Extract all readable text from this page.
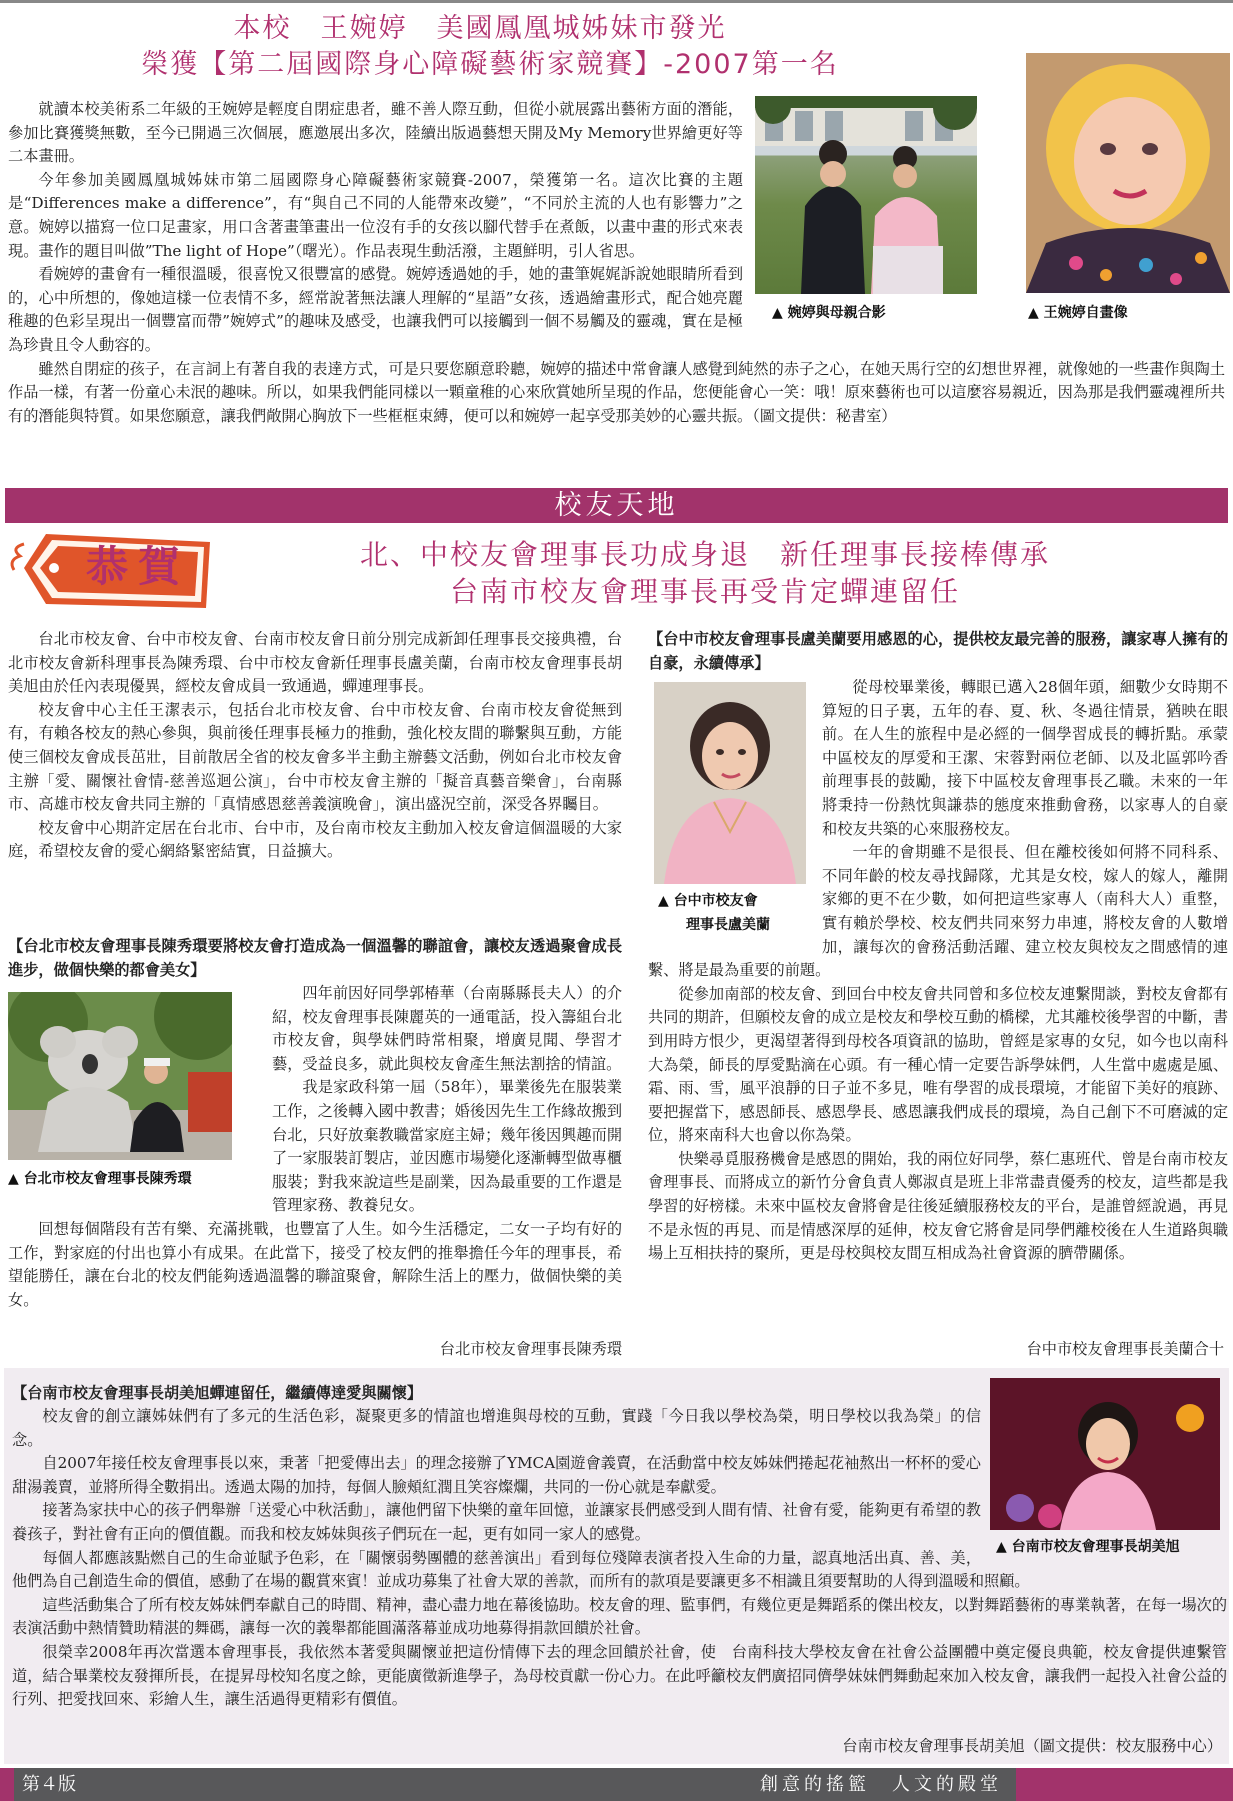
本校　王婉婷　美國鳳凰城姊妹市發光
榮獲【第二屆國際身心障礙藝術家競賽】-2007第一名
▲ 婉婷與母親合影	▲ 王婉婷自畫像

就讀本校美術系二年級的王婉婷是輕度自閉症患者，雖不善人際互動，但從小就展露出藝術方面的潛能，參加比賽獲獎無數，至今已開過三次個展，應邀展出多次，陸續出版過藝想天開及My Memory世界繪更好等二本畫冊。

今年參加美國鳳凰城姊妹市第二屆國際身心障礙藝術家競賽-2007，榮獲第一名。這次比賽的主題是“Differences make a difference”，有“與自己不同的人能帶來改變”，“不同於主流的人也有影響力”之意。婉婷以描寫一位口足畫家，用口含著畫筆畫出一位沒有手的女孩以腳代替手在煮飯，以畫中畫的形式來表現。畫作的題目叫做”The light of Hope”（曙光）。作品表現生動活潑，主題鮮明，引人省思。

看婉婷的畫會有一種很溫暖，很喜悅又很豐富的感覺。婉婷透過她的手，她的畫筆娓娓訴說她眼睛所看到的，心中所想的，像她這樣一位表情不多，經常說著無法讓人理解的“星語”女孩，透過繪畫形式，配合她亮麗稚趣的色彩呈現出一個豐富而帶”婉婷式”的趣味及感受，也讓我們可以接觸到一個不易觸及的靈魂，實在是極為珍貴且令人動容的。

雖然自閉症的孩子，在言詞上有著自我的表達方式，可是只要您願意聆聽，婉婷的描述中常會讓人感覺到純然的赤子之心，在她天馬行空的幻想世界裡，就像她的一些畫作與陶土作品一樣，有著一份童心未泯的趣味。所以，如果我們能同樣以一顆童稚的心來欣賞她所呈現的作品，您便能會心一笑：哦！原來藝術也可以這麼容易親近，因為那是我們靈魂裡所共有的潛能與特質。如果您願意，讓我們敞開心胸放下一些框框束縛，便可以和婉婷一起享受那美妙的心靈共振。（圖文提供：秘書室）

校友天地
恭賀	北、中校友會理事長功成身退　新任理事長接棒傳承
台南市校友會理事長再受肯定蟬連留任

台北市校友會、台中市校友會、台南市校友會日前分別完成新卸任理事長交接典禮，台北市校友會新科理事長為陳秀環、台中市校友會新任理事長盧美蘭，台南市校友會理事長胡美旭由於任內表現優異，經校友會成員一致通過，蟬連理事長。

校友會中心主任王潔表示，包括台北市校友會、台中市校友會、台南市校友會從無到有，有賴各校友的熱心參與，與前後任理事長極力的推動，強化校友間的聯繫與互動，方能使三個校友會成長茁壯，目前散居全省的校友會多半主動主辦藝文活動，例如台北市校友會主辦「愛、關懷社會情-慈善巡迴公演」，台中市校友會主辦的「擬音真藝音樂會」，台南縣市、高雄市校友會共同主辦的「真情感恩慈善義演晚會」，演出盛況空前，深受各界矚目。

校友會中心期許定居在台北市、台中市，及台南市校友主動加入校友會這個溫暖的大家庭，希望校友會的愛心網絡緊密結實，日益擴大。

【台北市校友會理事長陳秀環要將校友會打造成為一個溫馨的聯誼會，讓校友透過聚會成長進步，做個快樂的都會美女】

▲ 台北市校友會理事長陳秀環

四年前因好同學郭椿華（台南縣縣長夫人）的介紹，校友會理事長陳麗英的一通電話，投入籌組台北市校友會，與學妹們時常相聚，增廣見聞、學習才藝，受益良多，就此與校友會產生無法割捨的情誼。

我是家政科第一屆（58年），畢業後先在服裝業工作，之後轉入國中教書；婚後因先生工作緣故搬到台北，只好放棄教職當家庭主婦；幾年後因興趣而開了一家服裝訂製店，並因應市場變化逐漸轉型做專櫃服裝；對我來說這些是副業，因為最重要的工作還是管理家務、教養兒女。

回想每個階段有苦有樂、充滿挑戰，也豐富了人生。如今生活穩定，二女一子均有好的工作，對家庭的付出也算小有成果。在此當下，接受了校友們的推舉擔任今年的理事長，希望能勝任，讓在台北的校友們能夠透過溫馨的聯誼聚會，解除生活上的壓力，做個快樂的美女。

台北市校友會理事長陳秀環

【台中市校友會理事長盧美蘭要用感恩的心，提供校友最完善的服務，讓家專人擁有的自豪，永續傳承】

▲ 台中市校友會
理事長盧美蘭

從母校畢業後，轉眼已邁入28個年頭，細數少女時期不算短的日子裏，五年的春、夏、秋、冬過往情景，猶映在眼前。在人生的旅程中是必經的一個學習成長的轉折點。承蒙中區校友的厚愛和王潔、宋蓉對兩位老師、以及北區郭吟香前理事長的鼓勵，接下中區校友會理事長乙職。未來的一年將秉持一份熱忱與謙恭的態度來推動會務，以家專人的自豪和校友共築的心來服務校友。

一年的會期雖不是很長、但在離校後如何將不同科系、不同年齡的校友尋找歸隊，尤其是女校，嫁人的嫁人，離開家鄉的更不在少數，如何把這些家專人（南科大人）重整，實有賴於學校、校友們共同來努力串連，將校友會的人數增加，讓每次的會務活動活躍、建立校友與校友之間感情的連繫、將是最為重要的前題。

從參加南部的校友會、到回台中校友會共同曾和多位校友連繫閒談，對校友會都有共同的期許，但願校友會的成立是校友和學校互動的橋樑，尤其離校後學習的中斷，書到用時方恨少，更渴望著得到母校各項資訊的協助，曾經是家專的女兒，如今也以南科大為榮，師長的厚愛點滴在心頭。有一種心情一定要告訴學妹們，人生當中處處是風、霜、雨、雪，風平浪靜的日子並不多見，唯有學習的成長環境，才能留下美好的痕跡、要把握當下，感恩師長、感恩學長、感恩讓我們成長的環境，為自己創下不可磨滅的定位，將來南科大也會以你為榮。

快樂尋覓服務機會是感恩的開始，我的兩位好同學，蔡仁惠班代、曾是台南市校友會理事長、而將成立的新竹分會負責人鄭淑貞是班上非常盡責優秀的校友，這些都是我學習的好榜樣。未來中區校友會將會是往後延續服務校友的平台，是誰曾經說過，再見不是永恆的再見、而是情感深厚的延伸，校友會它將會是同學們離校後在人生道路與職場上互相扶持的聚所，更是母校與校友間互相成為社會資源的臍帶關係。

台中市校友會理事長美蘭合十

▲ 台南市校友會理事長胡美旭

【台南市校友會理事長胡美旭蟬連留任，繼續傳達愛與關懷】

校友會的創立讓姊妹們有了多元的生活色彩，凝聚更多的情誼也增進與母校的互動，實踐「今日我以學校為榮，明日學校以我為榮」的信念。

自2007年接任校友會理事長以來，秉著「把愛傳出去」的理念接辦了YMCA園遊會義賣，在活動當中校友姊妹們捲起花袖熬出一杯杯的愛心甜湯義賣，並將所得全數捐出。透過太陽的加持，每個人臉頰紅潤且笑容燦爛，共同的一份心就是奉獻愛。

接著為家扶中心的孩子們舉辦「送愛心中秋活動」，讓他們留下快樂的童年回憶，並讓家長們感受到人間有情、社會有愛，能夠更有希望的教養孩子，對社會有正向的價值觀。而我和校友姊妹與孩子們玩在一起，更有如同一家人的感覺。

每個人都應該點燃自己的生命並賦予色彩，在「關懷弱勢團體的慈善演出」看到每位殘障表演者投入生命的力量，認真地活出真、善、美，他們為自己創造生命的價值，感動了在場的觀賞來賓！並成功募集了社會大眾的善款，而所有的款項是要讓更多不相識且須要幫助的人得到溫暖和照顧。

這些活動集合了所有校友姊妹們奉獻自己的時間、精神，盡心盡力地在幕後協助。校友會的理、監事們，有幾位更是舞蹈系的傑出校友，以對舞蹈藝術的專業執著，在每一場次的表演活動中熱情贊助精湛的舞碼，讓每一次的義舉都能圓滿落幕並成功地募得捐款回饋於社會。

很榮幸2008年再次當選本會理事長，我依然本著愛與關懷並把這份情傳下去的理念回饋於社會，使　台南科技大學校友會在社會公益團體中奠定優良典範，校友會提供連繫管道，結合畢業校友發揮所長，在提昇母校知名度之餘，更能廣徵新進學子，為母校貢獻一份心力。在此呼籲校友們廣招同儕學妹妹們舞動起來加入校友會，讓我們一起投入社會公益的行列、把愛找回來、彩繪人生，讓生活過得更精彩有價值。

台南市校友會理事長胡美旭（圖文提供：校友服務中心）

第４版	創意的搖籃　人文的殿堂
